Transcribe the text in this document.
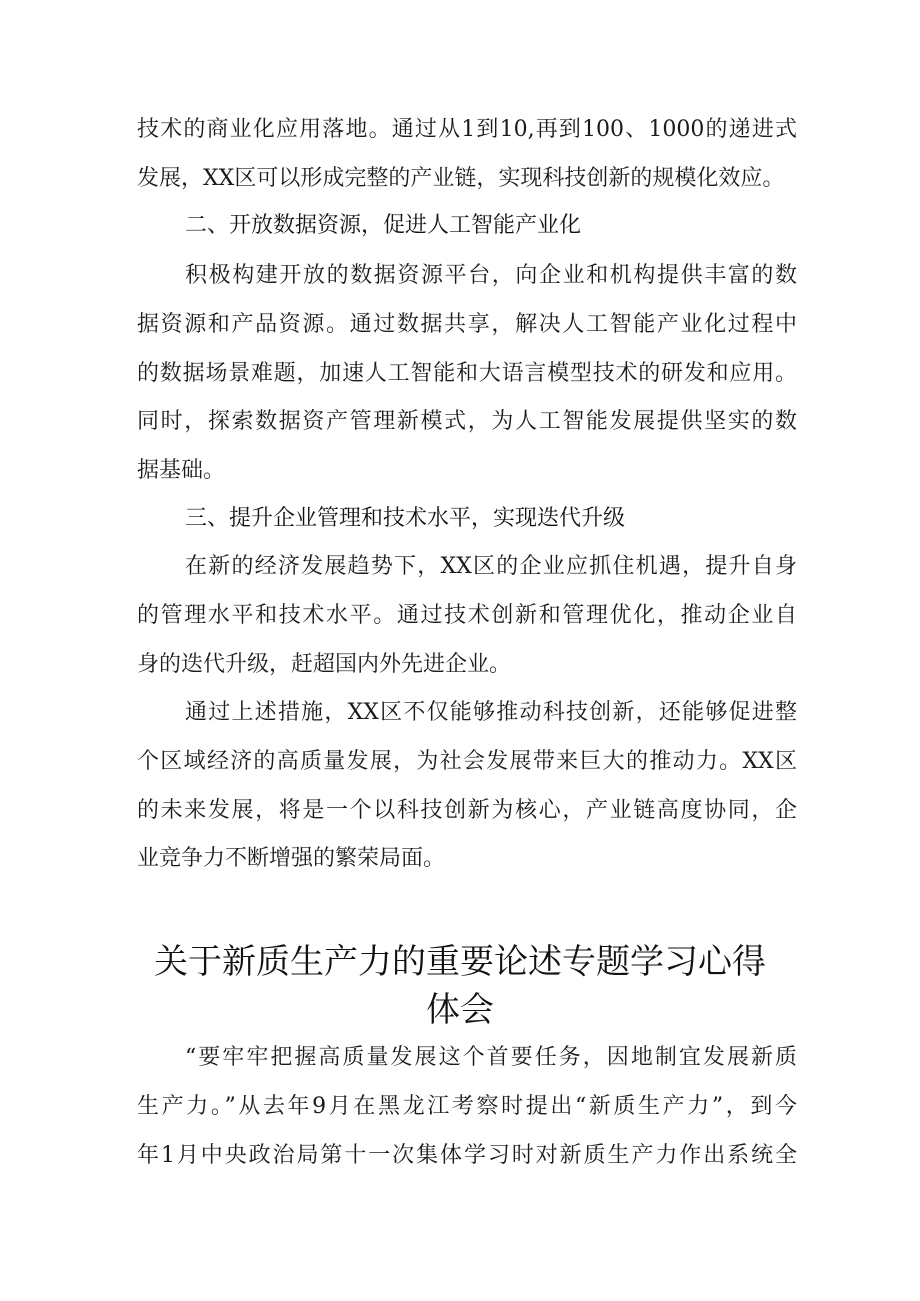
技术的商业化应用落地。通过从1到10,再到100、1000的递进式
发展，XX区可以形成完整的产业链，实现科技创新的规模化效应。
二、开放数据资源，促进人工智能产业化
积极构建开放的数据资源平台，向企业和机构提供丰富的数
据资源和产品资源。通过数据共享，解决人工智能产业化过程中
的数据场景难题，加速人工智能和大语言模型技术的研发和应用。
同时，探索数据资产管理新模式，为人工智能发展提供坚实的数
据基础。
三、提升企业管理和技术水平，实现迭代升级
在新的经济发展趋势下，XX区的企业应抓住机遇，提升自身
的管理水平和技术水平。通过技术创新和管理优化，推动企业自
身的迭代升级，赶超国内外先进企业。
通过上述措施，XX区不仅能够推动科技创新，还能够促进整
个区域经济的高质量发展，为社会发展带来巨大的推动力。XX区
的未来发展，将是一个以科技创新为核心，产业链高度协同，企
业竞争力不断增强的繁荣局面。
关于新质生产力的重要论述专题学习心得
体会
“要牢牢把握高质量发展这个首要任务，因地制宜发展新质
生产力。”从去年9月在黑龙江考察时提出“新质生产力”，到今
年1月中央政治局第十一次集体学习时对新质生产力作出系统全
